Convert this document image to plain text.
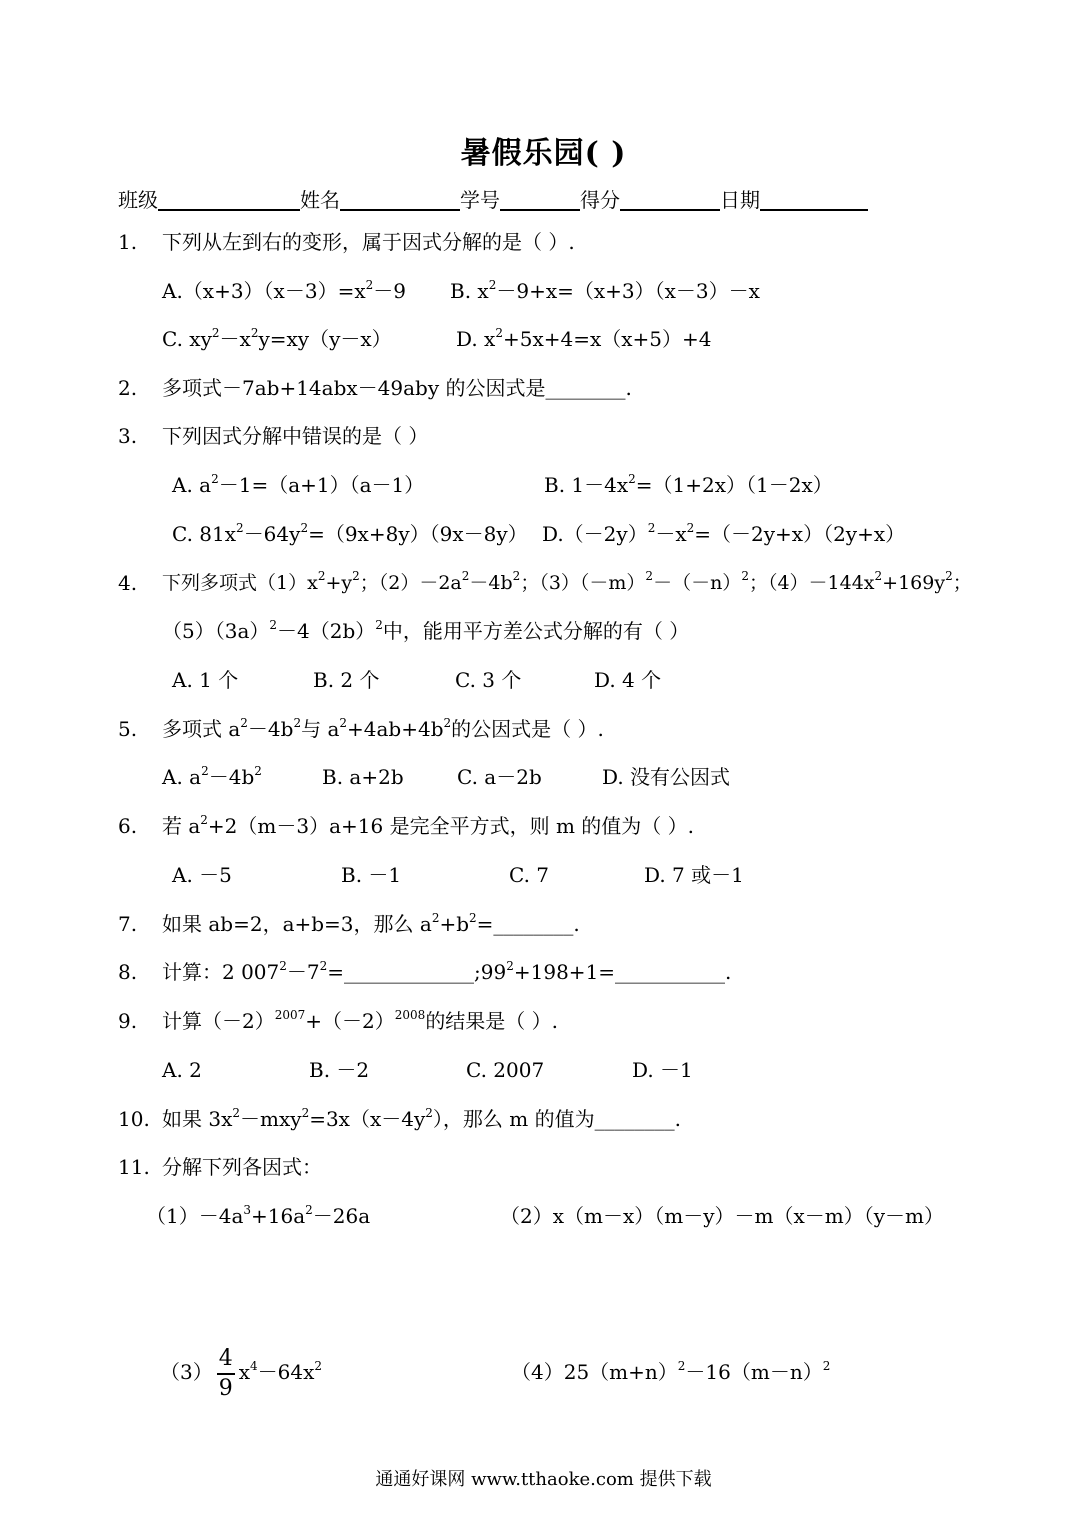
暑假乐园( )
班级	姓名	学号	得分	日期
1. 下列从左到右的变形，属于因式分解的是（ ）.
$A.(x+3)(x-3)=x^2-9$ B. $x^2-9+x=(x+3)(x-3)-x$
C. $xy^2-x^2y=xy(y-x)$	D. $x^2+5x+4=x(x+5)+4$
2. 多项式－7ab+14abx－49aby 的公因式是________.
3. 下列因式分解中错误的是（ ）
A. $a^2-1=(a+1)(a-1)$	B. $1-4x^2=(1+2x)(1-2x)$
C. $81x^2-64y^2=(9x+8y)(9x-8y)$ $D.(-2y)^2-x^2=(-2y+x)(2y+x)$
4. 下列多项式$(1)x^2+y^2$；$(2)-2a^2-4b^2$；$(3)(-m)^2-(-n)^2$；$(4)-144x^2+169y^2$；
$(5)(3a)^2-4(2b)^2$中，能用平方差公式分解的有（ ）
A. 1 个	B. 2 个	C. 3 个	D. 4 个
5. 多项式 $a^2-4b^2$与 $a^2+4ab+4b^2$的公因式是（ ）.
A. $a^2-4b^2$	B. a+2b	C. a－2b	D. 没有公因式
6. 若 $a^2+2(m-3)a+16$ 是完全平方式，则 m 的值为（ ）.
A. －5	B. －1	C. 7	D. 7 或－1
7. 如果 ab=2，a+b=3，那么 $a^2+b^2=\_\_\_\_\_\_\_\_$.
8. 计算：2 $007^2-7^2=\_\_\_\_\_\_\_\_\_\_\_\_\_;99^2+198+1=\_\_\_\_\_\_\_\_\_\_\_$.
9. 计算$(-2)^{2007}+(-2)^{2008}$的结果是（ ）.
A. 2	B. －2	C. 2007	D. －1
10. 如果 $3x^2-mxy^2=3x(x-4y^2)$，那么 m 的值为________.
11. 分解下列各因式：
$(1)-4a^3+16a^2-26a$	（2）x（m－x）（m－y）－m（x－m）（y－m）
$(3) \frac{4}{9} x^4-64x^2$	$(4)25(m+n)^2-16(m-n)^2$
通通好课网 www.tthaoke.com 提供下载
